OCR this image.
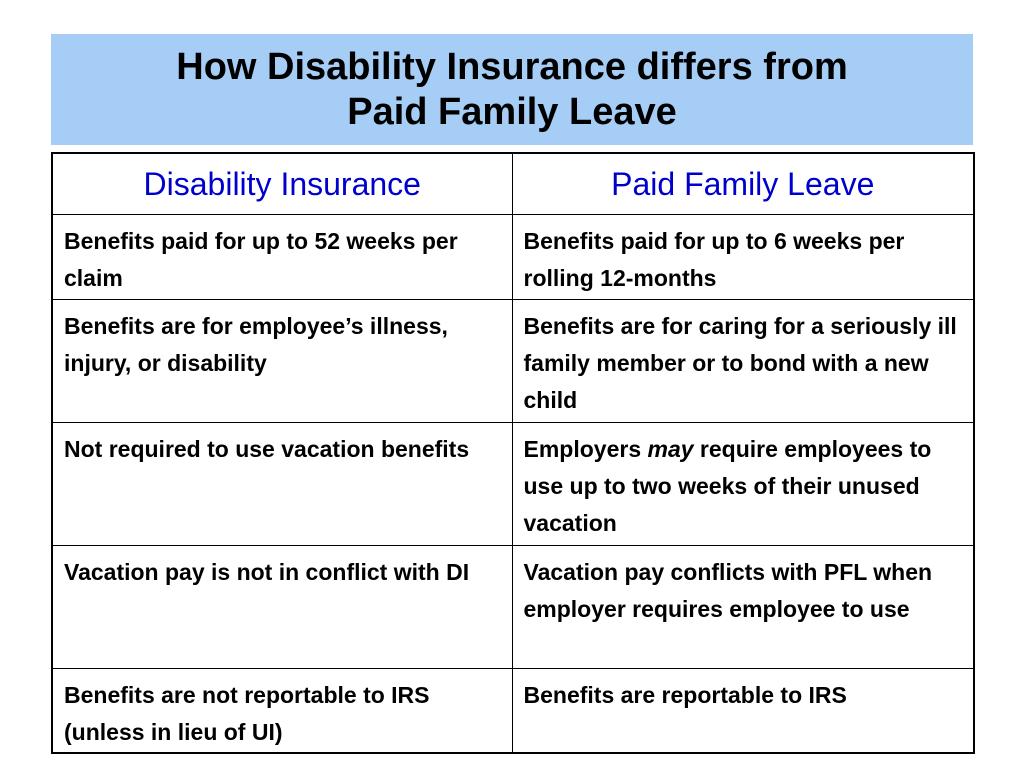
How Disability Insurance differs from
Paid Family Leave
Disability Insurance	Paid Family Leave
Benefits paid for up to 52 weeks per claim	Benefits paid for up to 6 weeks per rolling 12-months
Benefits are for employee’s illness, injury, or disability	Benefits are for caring for a seriously ill family member or to bond with a new child
Not required to use vacation benefits	Employers may require employees to use up to two weeks of their unused vacation
Vacation pay is not in conflict with DI	Vacation pay conflicts with PFL when employer requires employee to use
Benefits are not reportable to IRS (unless in lieu of UI)	Benefits are reportable to IRS
